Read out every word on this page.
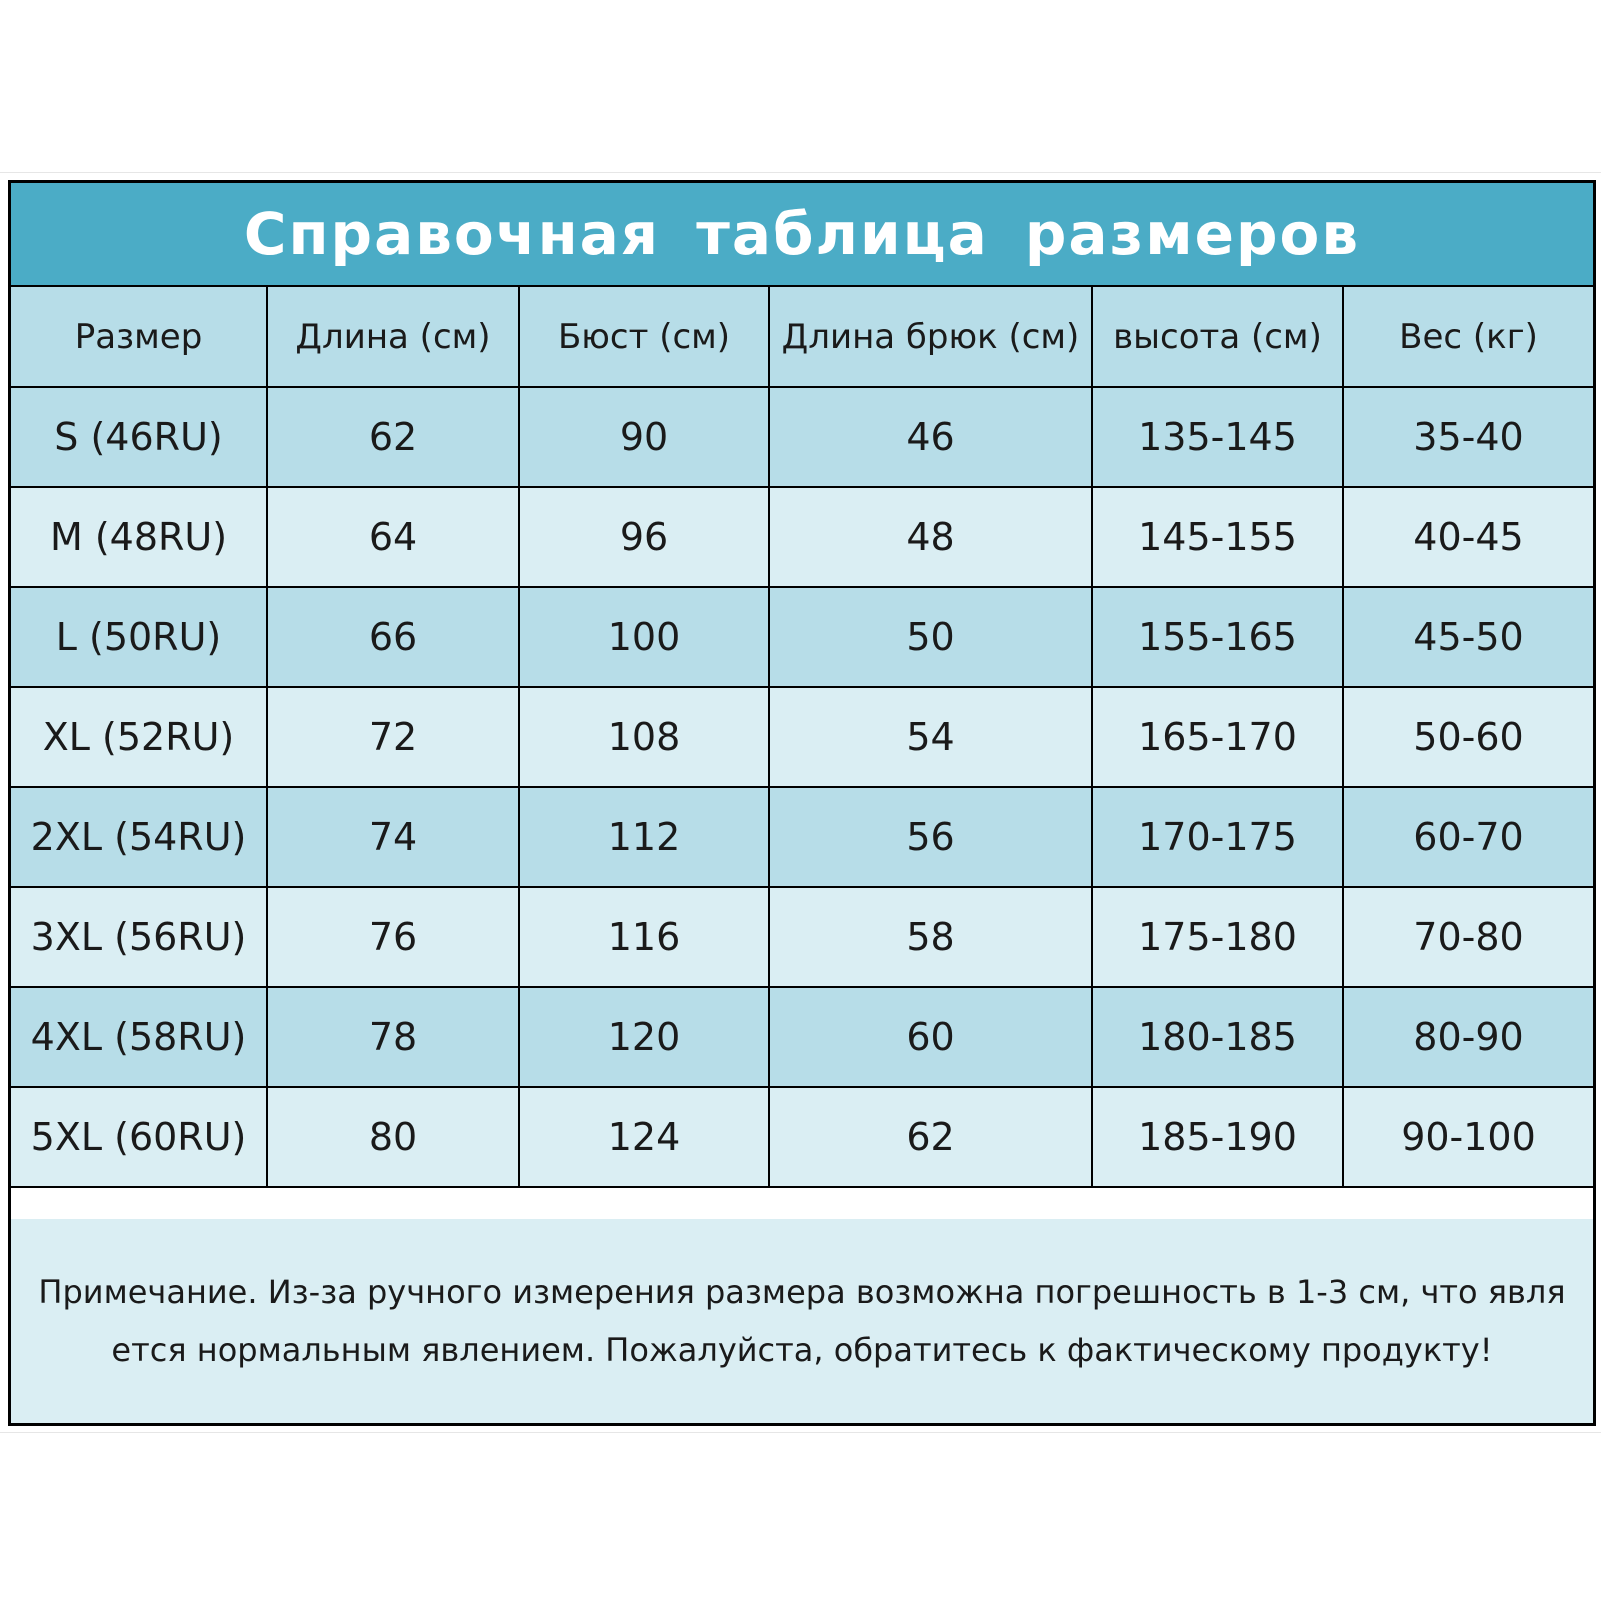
Справочная таблица размеров
Размер	Длина (см)	Бюст (см)	Длина брюк (см)	высота (см)	Вес (кг)
S (46RU)	62	90	46	135-145	35-40
M (48RU)	64	96	48	145-155	40-45
L (50RU)	66	100	50	155-165	45-50
XL (52RU)	72	108	54	165-170	50-60
2XL (54RU)	74	112	56	170-175	60-70
3XL (56RU)	76	116	58	175-180	70-80
4XL (58RU)	78	120	60	180-185	80-90
5XL (60RU)	80	124	62	185-190	90-100
Примечание. Из-за ручного измерения размера возможна погрешность в 1-3 см, что явля
ется нормальным явлением. Пожалуйста, обратитесь к фактическому продукту!
